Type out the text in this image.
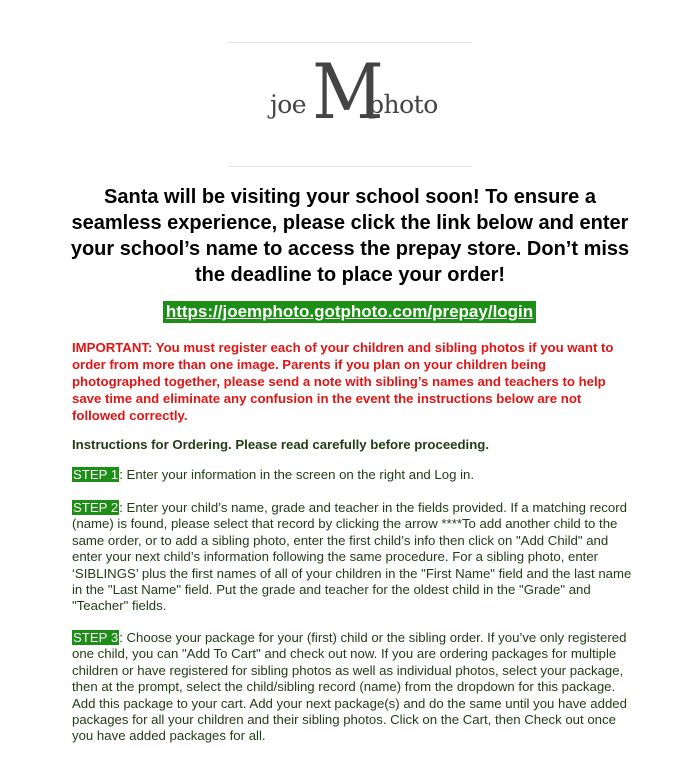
joe M
photo
Santa will be visiting your school soon! To ensure a seamless experience, please click the link below and enter your school’s name to access the prepay store. Don’t miss the deadline to place your order!
https://joemphoto.gotphoto.com/prepay/login
IMPORTANT: You must register each of your children and sibling photos if you want to order from more than one image. Parents if you plan on your children being photographed together, please send a note with sibling’s names and teachers to help save time and eliminate any confusion in the event the instructions below are not followed correctly.
Instructions for Ordering. Please read carefully before proceeding.
STEP 1: Enter your information in the screen on the right and Log in.
STEP 2: Enter your child’s name, grade and teacher in the fields provided. If a matching record (name) is found, please select that record by clicking the arrow ****To add another child to the same order, or to add a sibling photo, enter the first child’s info then click on "Add Child" and enter your next child’s information following the same procedure. For a sibling photo, enter ‘SIBLINGS’ plus the first names of all of your children in the "First Name" field and the last name in the "Last Name" field. Put the grade and teacher for the oldest child in the "Grade" and "Teacher" fields.
STEP 3: Choose your package for your (first) child or the sibling order. If you’ve only registered one child, you can "Add To Cart" and check out now. If you are ordering packages for multiple children or have registered for sibling photos as well as individual photos, select your package, then at the prompt, select the child/sibling record (name) from the dropdown for this package. Add this package to your cart. Add your next package(s) and do the same until you have added packages for all your children and their sibling photos. Click on the Cart, then Check out once you have added packages for all.
